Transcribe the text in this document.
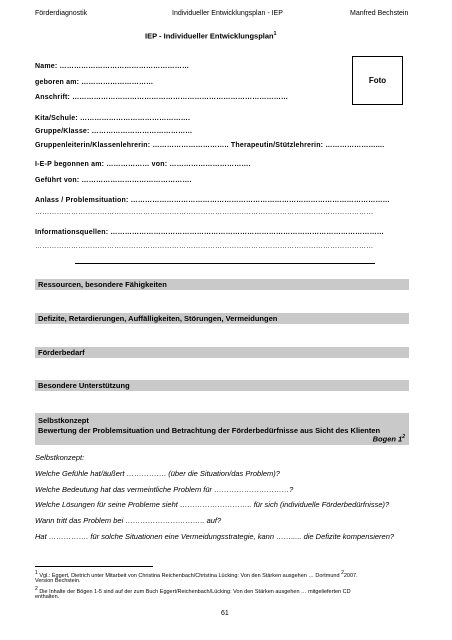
Förderdiagnostik	Individueller Entwicklungsplan - IEP	Manfred Bechstein
IEP - Individueller Entwicklungsplan$^1$
Name: ………………………………………………
geboren am: …………………………
Anschrift: ………………………………………………………………………………
Foto
Kita/Schule: ……………………………………….
Gruppe/Klasse: ……………………………………
Gruppenleiterin/Klassenlehrerin: ………………………….. Therapeutin/Stützlehrerin: …………………....
I-E-P begonnen am: ……………… von: …………………………….
Geführt von: ……………………………………….
Anlass / Problemsituation: ………………………………………………………………………………………………
……………………………………………………………………………………………………………………………
Informationsquellen: ……………………………………………………………………………………………………
……………………………………………………………………………………………………………………………
Ressourcen, besondere Fähigkeiten
Defizite, Retardierungen, Auffälligkeiten, Störungen, Vermeidungen
Förderbedarf
Besondere Unterstützung
Selbstkonzept
Bewertung der Problemsituation und Betrachtung der Förderbedürfnisse aus Sicht des Klienten
Bogen $1^2$
Selbstkonzept:
Welche Gefühle hat/äußert ……………. (über die Situation/das Problem)?
Welche Bedeutung hat das vermeintliche Problem für …………………………?
Welche Lösungen für seine Probleme sieht ……………………….. für sich (individuelle Förderbedürfnisse)?
Wann tritt das Problem bei ………………………….. auf?
Hat ……………. für solche Situationen eine Vermeidungsstrategie, kann ……..... die Defizite kompensieren?
$^1$ Vgl.: Eggert, Dietrich unter Mitarbeit von Christina Reichenbach/Christina Lücking: Von den Stärken ausgehen … Dortmund $^2$2007.
Version Bechstein.
$^2$ Die Inhalte der Bögen 1-5 sind auf der zum Buch Eggert/Reichenbach/Lücking: Von den Stärken ausgehen … mitgelieferten CD
enthalten.
61
